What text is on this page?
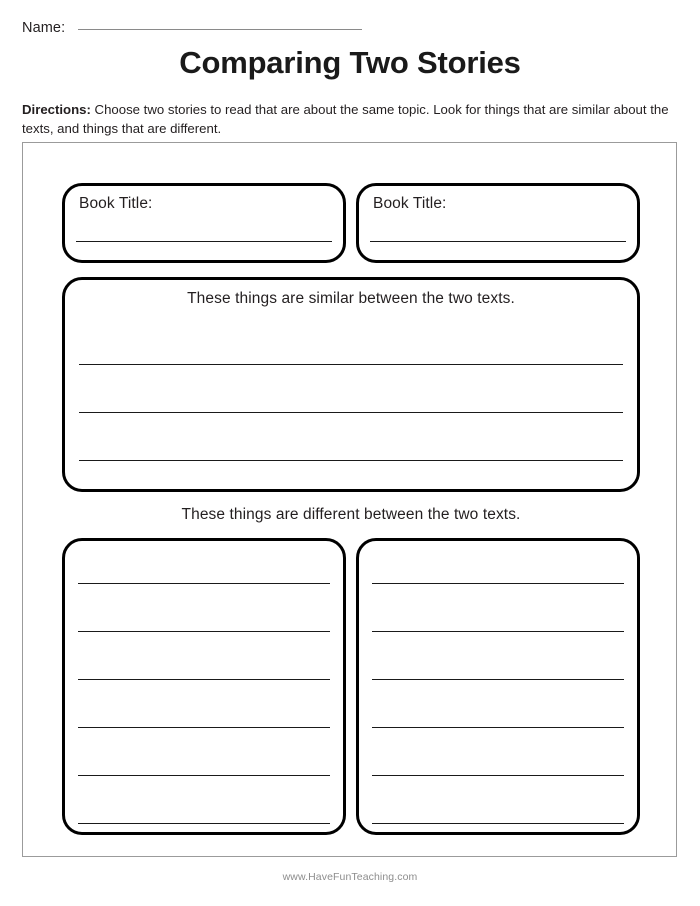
Name:
Comparing Two Stories
Directions: Choose two stories to read that are about the same topic. Look for things that are similar about the texts, and things that are different.
Book Title:	Book Title:
These things are similar between the two texts.
These things are different between the two texts.
www.HaveFunTeaching.com
